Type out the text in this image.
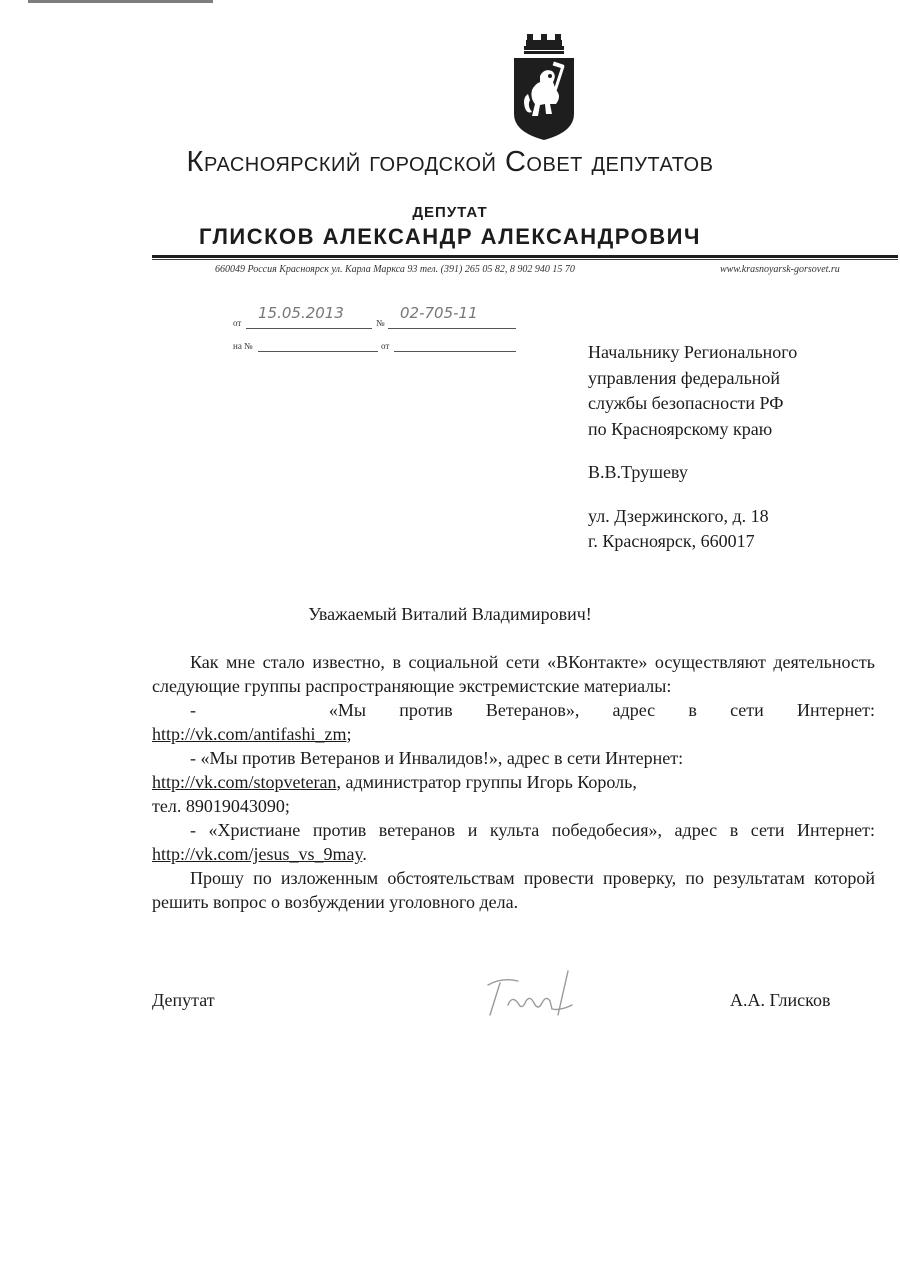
Красноярский городской Совет депутатов
ДЕПУТАТ
ГЛИСКОВ АЛЕКСАНДР АЛЕКСАНДРОВИЧ
660049 Россия Красноярск ул. Карла Маркса 93 тел. (391) 265 05 82, 8 902 940 15 70	www.krasnoyarsk-gorsovet.ru
от
15.05.2013
№
02-705-11
на №	от	Начальнику Регионального
управления федеральной
службы безопасности РФ
по Красноярскому краю
В.В.Трушеву
ул. Дзержинского, д. 18
г. Красноярск, 660017
Уважаемый Виталий Владимирович!

Как мне стало известно, в социальной сети «ВКонтакте» осуществляют деятельность следующие группы распространяющие экстремистские материалы:

-    «Мы против Ветеранов», адрес в сети Интернет:

http://vk.com/antifashi_zm;

- «Мы против Ветеранов и Инвалидов!», адрес в сети Интернет:
http://vk.com/stopveteran, администратор группы Игорь Король,
тел. 89019043090;

- «Христиане против ветеранов и культа победобесия», адрес в сети Интернет: http://vk.com/jesus_vs_9may.

Прошу по изложенным обстоятельствам провести проверку, по результатам которой решить вопрос о возбуждении уголовного дела.

Депутат	А.А. Глисков
